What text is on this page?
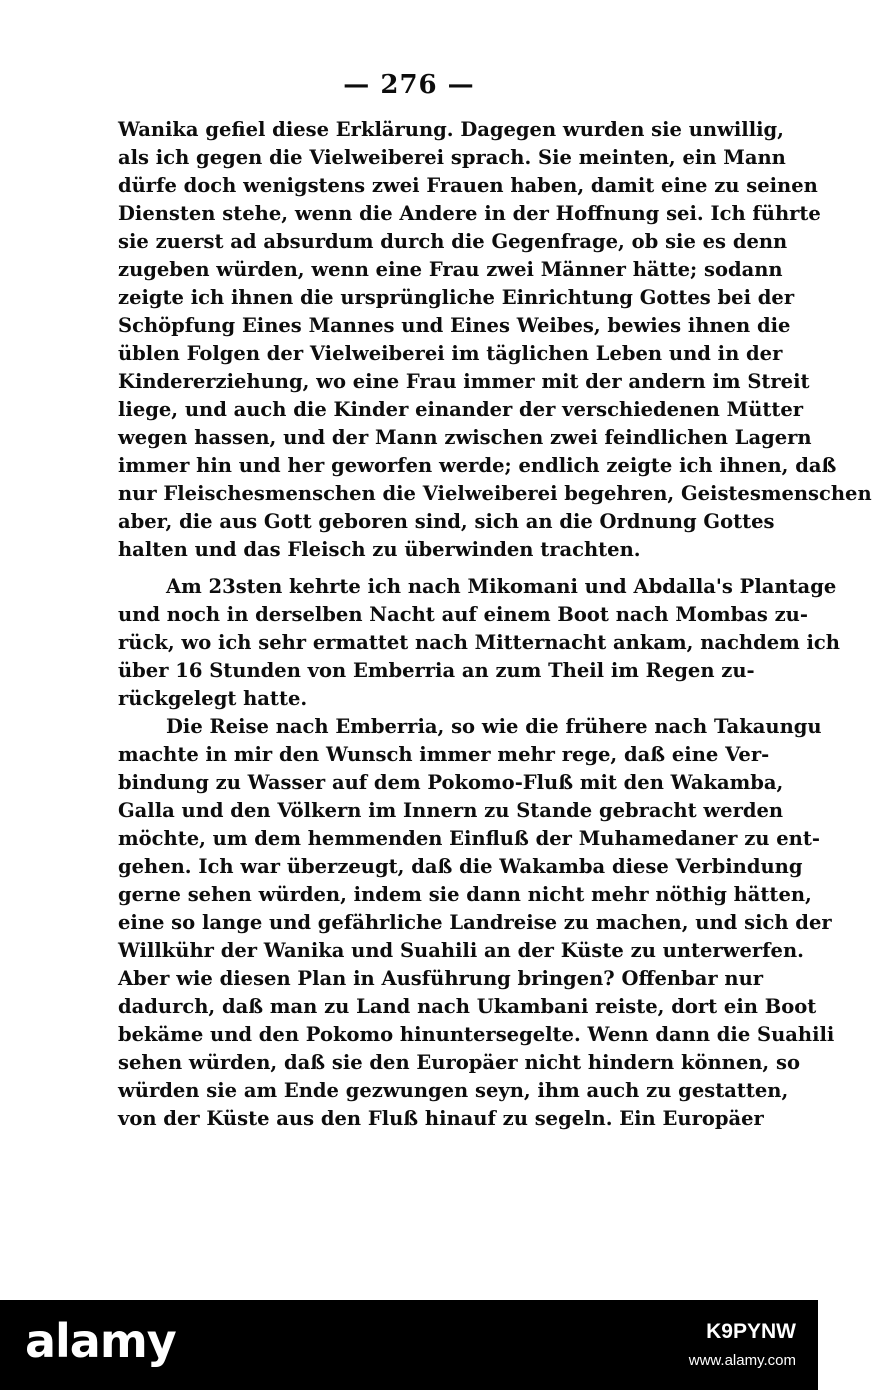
— 276 —
Wanika gefiel diese Erklärung. Dagegen wurden sie unwillig,
als ich gegen die Vielweiberei sprach. Sie meinten, ein Mann
dürfe doch wenigstens zwei Frauen haben, damit eine zu seinen
Diensten stehe, wenn die Andere in der Hoffnung sei. Ich führte
sie zuerst ad absurdum durch die Gegenfrage, ob sie es denn
zugeben würden, wenn eine Frau zwei Männer hätte; sodann
zeigte ich ihnen die ursprüngliche Einrichtung Gottes bei der
Schöpfung Eines Mannes und Eines Weibes, bewies ihnen die
üblen Folgen der Vielweiberei im täglichen Leben und in der
Kindererziehung, wo eine Frau immer mit der andern im Streit
liege, und auch die Kinder einander der verschiedenen Mütter
wegen hassen, und der Mann zwischen zwei feindlichen Lagern
immer hin und her geworfen werde; endlich zeigte ich ihnen, daß
nur Fleischesmenschen die Vielweiberei begehren, Geistesmenschen
aber, die aus Gott geboren sind, sich an die Ordnung Gottes
halten und das Fleisch zu überwinden trachten.
Am 23sten kehrte ich nach Mikomani und Abdalla's Plantage
und noch in derselben Nacht auf einem Boot nach Mombas zu-
rück, wo ich sehr ermattet nach Mitternacht ankam, nachdem ich
über 16 Stunden von Emberria an zum Theil im Regen zu-
rückgelegt hatte.
Die Reise nach Emberria, so wie die frühere nach Takaungu
machte in mir den Wunsch immer mehr rege, daß eine Ver-
bindung zu Wasser auf dem Pokomo-Fluß mit den Wakamba,
Galla und den Völkern im Innern zu Stande gebracht werden
möchte, um dem hemmenden Einfluß der Muhamedaner zu ent-
gehen. Ich war überzeugt, daß die Wakamba diese Verbindung
gerne sehen würden, indem sie dann nicht mehr nöthig hätten,
eine so lange und gefährliche Landreise zu machen, und sich der
Willkühr der Wanika und Suahili an der Küste zu unterwerfen.
Aber wie diesen Plan in Ausführung bringen? Offenbar nur
dadurch, daß man zu Land nach Ukambani reiste, dort ein Boot
bekäme und den Pokomo hinuntersegelte. Wenn dann die Suahili
sehen würden, daß sie den Europäer nicht hindern können, so
würden sie am Ende gezwungen seyn, ihm auch zu gestatten,
von der Küste aus den Fluß hinauf zu segeln. Ein Europäer
alamy	K9PYNW
www.alamy.com
